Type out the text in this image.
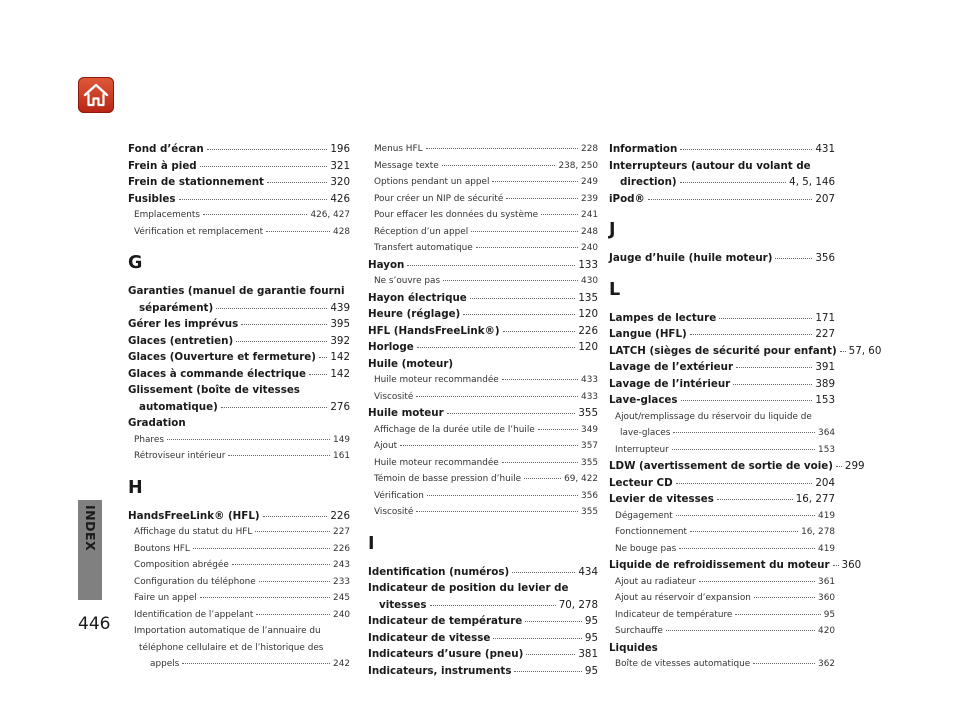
INDEX
446
Fond d’écran	196
Frein à pied	321
Frein de stationnement	320
Fusibles	426
Emplacements	426, 427
Vérification et remplacement	428
G
Garanties (manuel de garantie fourni
séparément)	439
Gérer les imprévus	395
Glaces (entretien)	392
Glaces (Ouverture et fermeture) 142
Glaces à commande électrique 142
Glissement (boîte de vitesses
automatique)	276
Gradation
Phares	149
Rétroviseur intérieur	161
H
HandsFreeLink® (HFL)	226
Affichage du statut du HFL	227
Boutons HFL	226
Composition abrégée	243
Configuration du téléphone	233
Faire un appel	245
Identification de l’appelant	240
Importation automatique de l’annuaire du
téléphone cellulaire et de l’historique des
appels	242
Menus HFL	228
Message texte	238, 250
Options pendant un appel	249
Pour créer un NIP de sécurité	239
Pour effacer les données du système	241
Réception d’un appel	248
Transfert automatique	240
Hayon	133
Ne s’ouvre pas	430
Hayon électrique	135
Heure (réglage)	120
HFL (HandsFreeLink®)	226
Horloge	120
Huile (moteur)
Huile moteur recommandée	433
Viscosité	433
Huile moteur	355
Affichage de la durée utile de l’huile	349
Ajout	357
Huile moteur recommandée	355
Témoin de basse pression d’huile	69, 422
Vérification	356
Viscosité	355
I
Identification (numéros)	434
Indicateur de position du levier de
vitesses	70, 278
Indicateur de température	95
Indicateur de vitesse	95
Indicateurs d’usure (pneu)	381
Indicateurs, instruments	95
Information	431
Interrupteurs (autour du volant de
direction)	4, 5, 146
iPod®	207
J
Jauge d’huile (huile moteur)	356
L
Lampes de lecture	171
Langue (HFL)	227
LATCH (sièges de sécurité pour enfant) 57, 60
Lavage de l’extérieur	391
Lavage de l’intérieur	389
Lave-glaces	153
Ajout/remplissage du réservoir du liquide de
lave-glaces	364
Interrupteur	153
LDW (avertissement de sortie de voie) 299
Lecteur CD	204
Levier de vitesses	16, 277
Dégagement	419
Fonctionnement	16, 278
Ne bouge pas	419
Liquide de refroidissement du moteur 360
Ajout au radiateur	361
Ajout au réservoir d’expansion	360
Indicateur de température	95
Surchauffe	420
Liquides
Boîte de vitesses automatique	362
